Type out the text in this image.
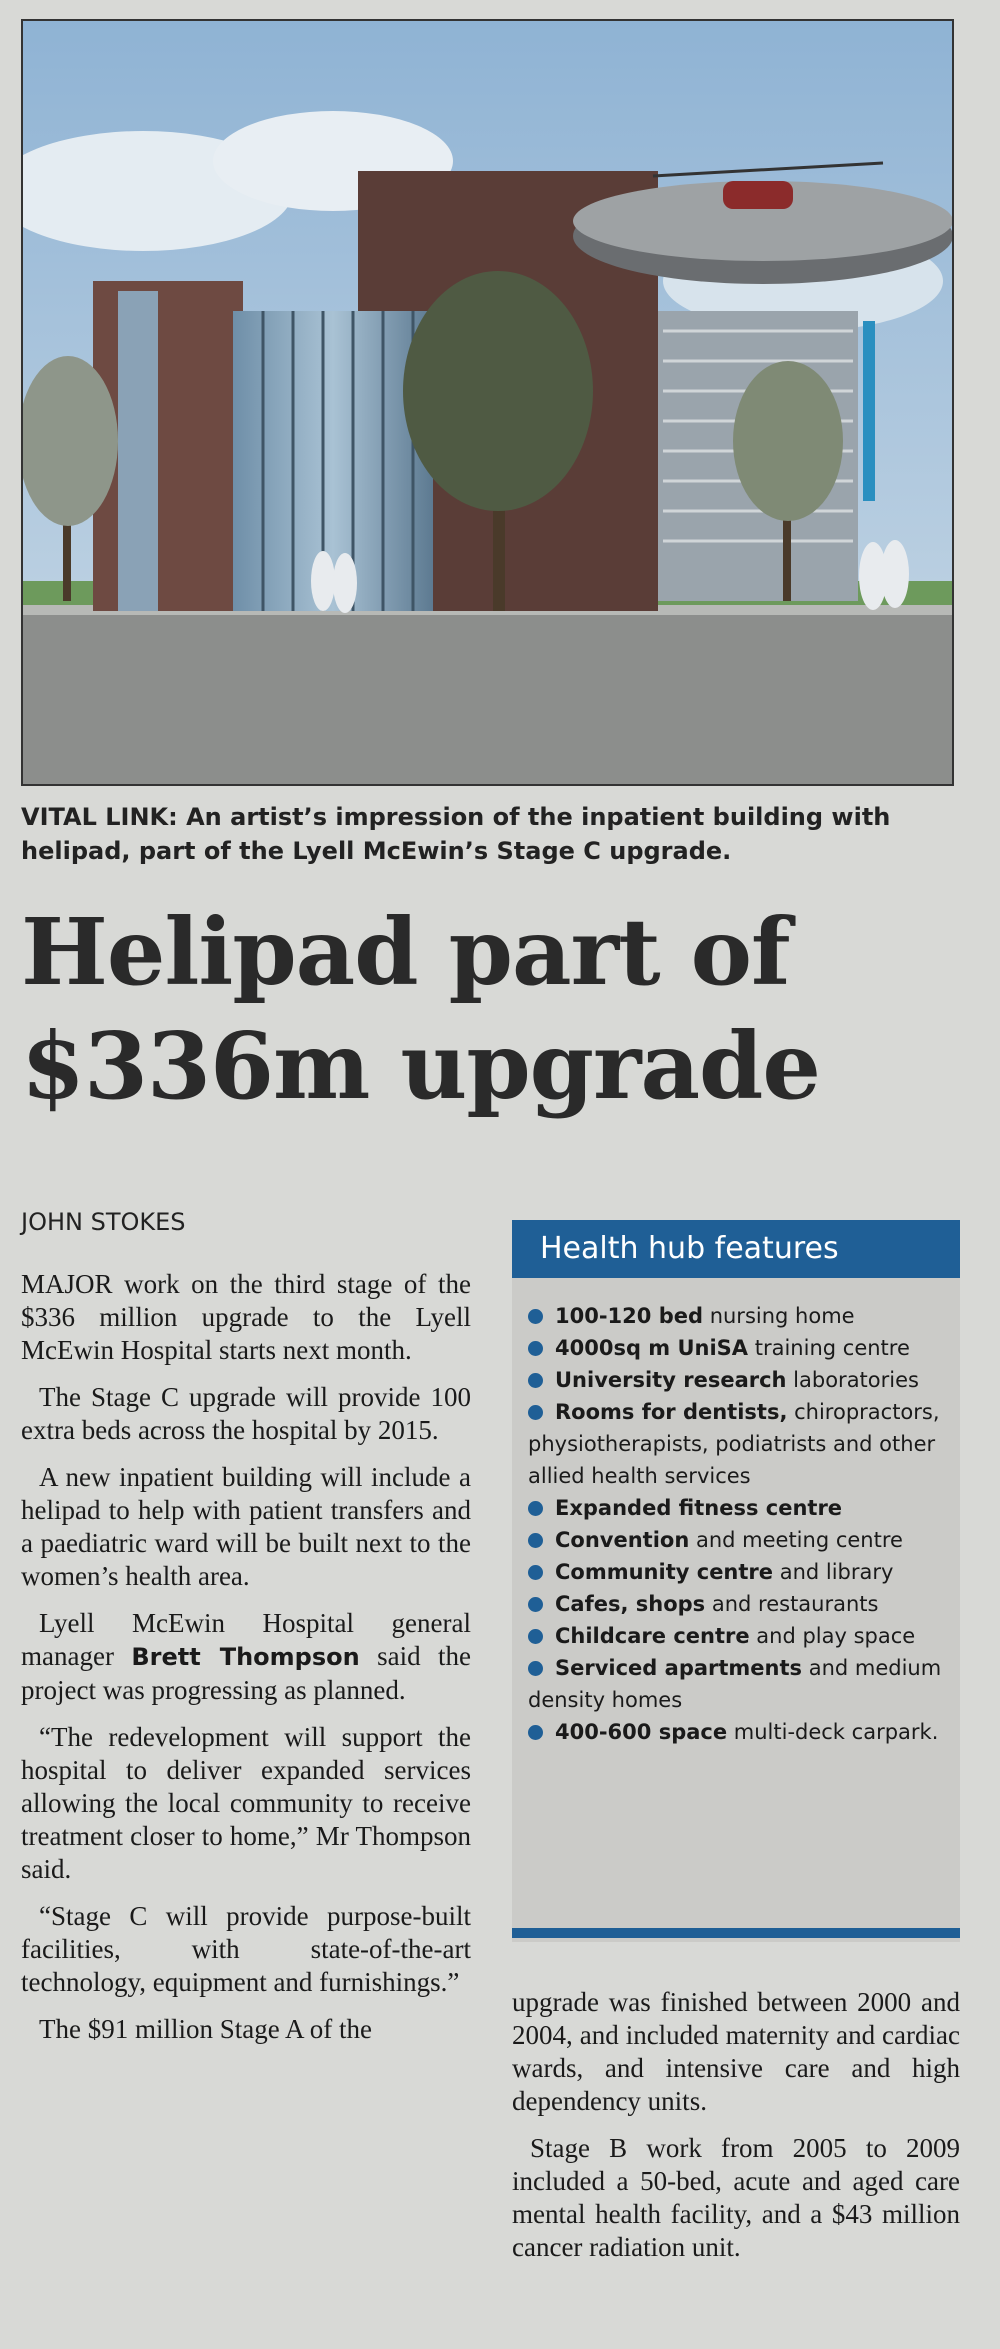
VITAL LINK: An artist’s impression of the inpatient building with helipad, part of the Lyell McEwin’s Stage C upgrade.
Helipad part of
$336m upgrade
JOHN STOKES

MAJOR work on the third stage of the $336 million upgrade to the Lyell McEwin Hospital starts next month.

The Stage C upgrade will provide 100 extra beds across the hospital by 2015.

A new inpatient building will include a helipad to help with patient transfers and a paediatric ward will be built next to the women’s health area.

Lyell McEwin Hospital general manager Brett Thompson said the project was progressing as planned.

“The redevelopment will support the hospital to deliver expanded services allowing the local community to receive treatment closer to home,” Mr Thompson said.

“Stage C will provide purpose-built facilities, with state-of-the-art technology, equipment and furnishings.”

The $91 million Stage A of the

Health hub features
100-120 bed nursing home
4000sq m UniSA training centre
University research laboratories
Rooms for dentists, chiropractors, physiotherapists, podiatrists and other allied health services
Expanded fitness centre
Convention and meeting centre
Community centre and library
Cafes, shops and restaurants
Childcare centre and play space
Serviced apartments and medium density homes
400-600 space multi-deck carpark.

upgrade was finished between 2000 and 2004, and included maternity and cardiac wards, and intensive care and high dependency units.

Stage B work from 2005 to 2009 included a 50-bed, acute and aged care mental health facility, and a $43 million cancer radiation unit.
